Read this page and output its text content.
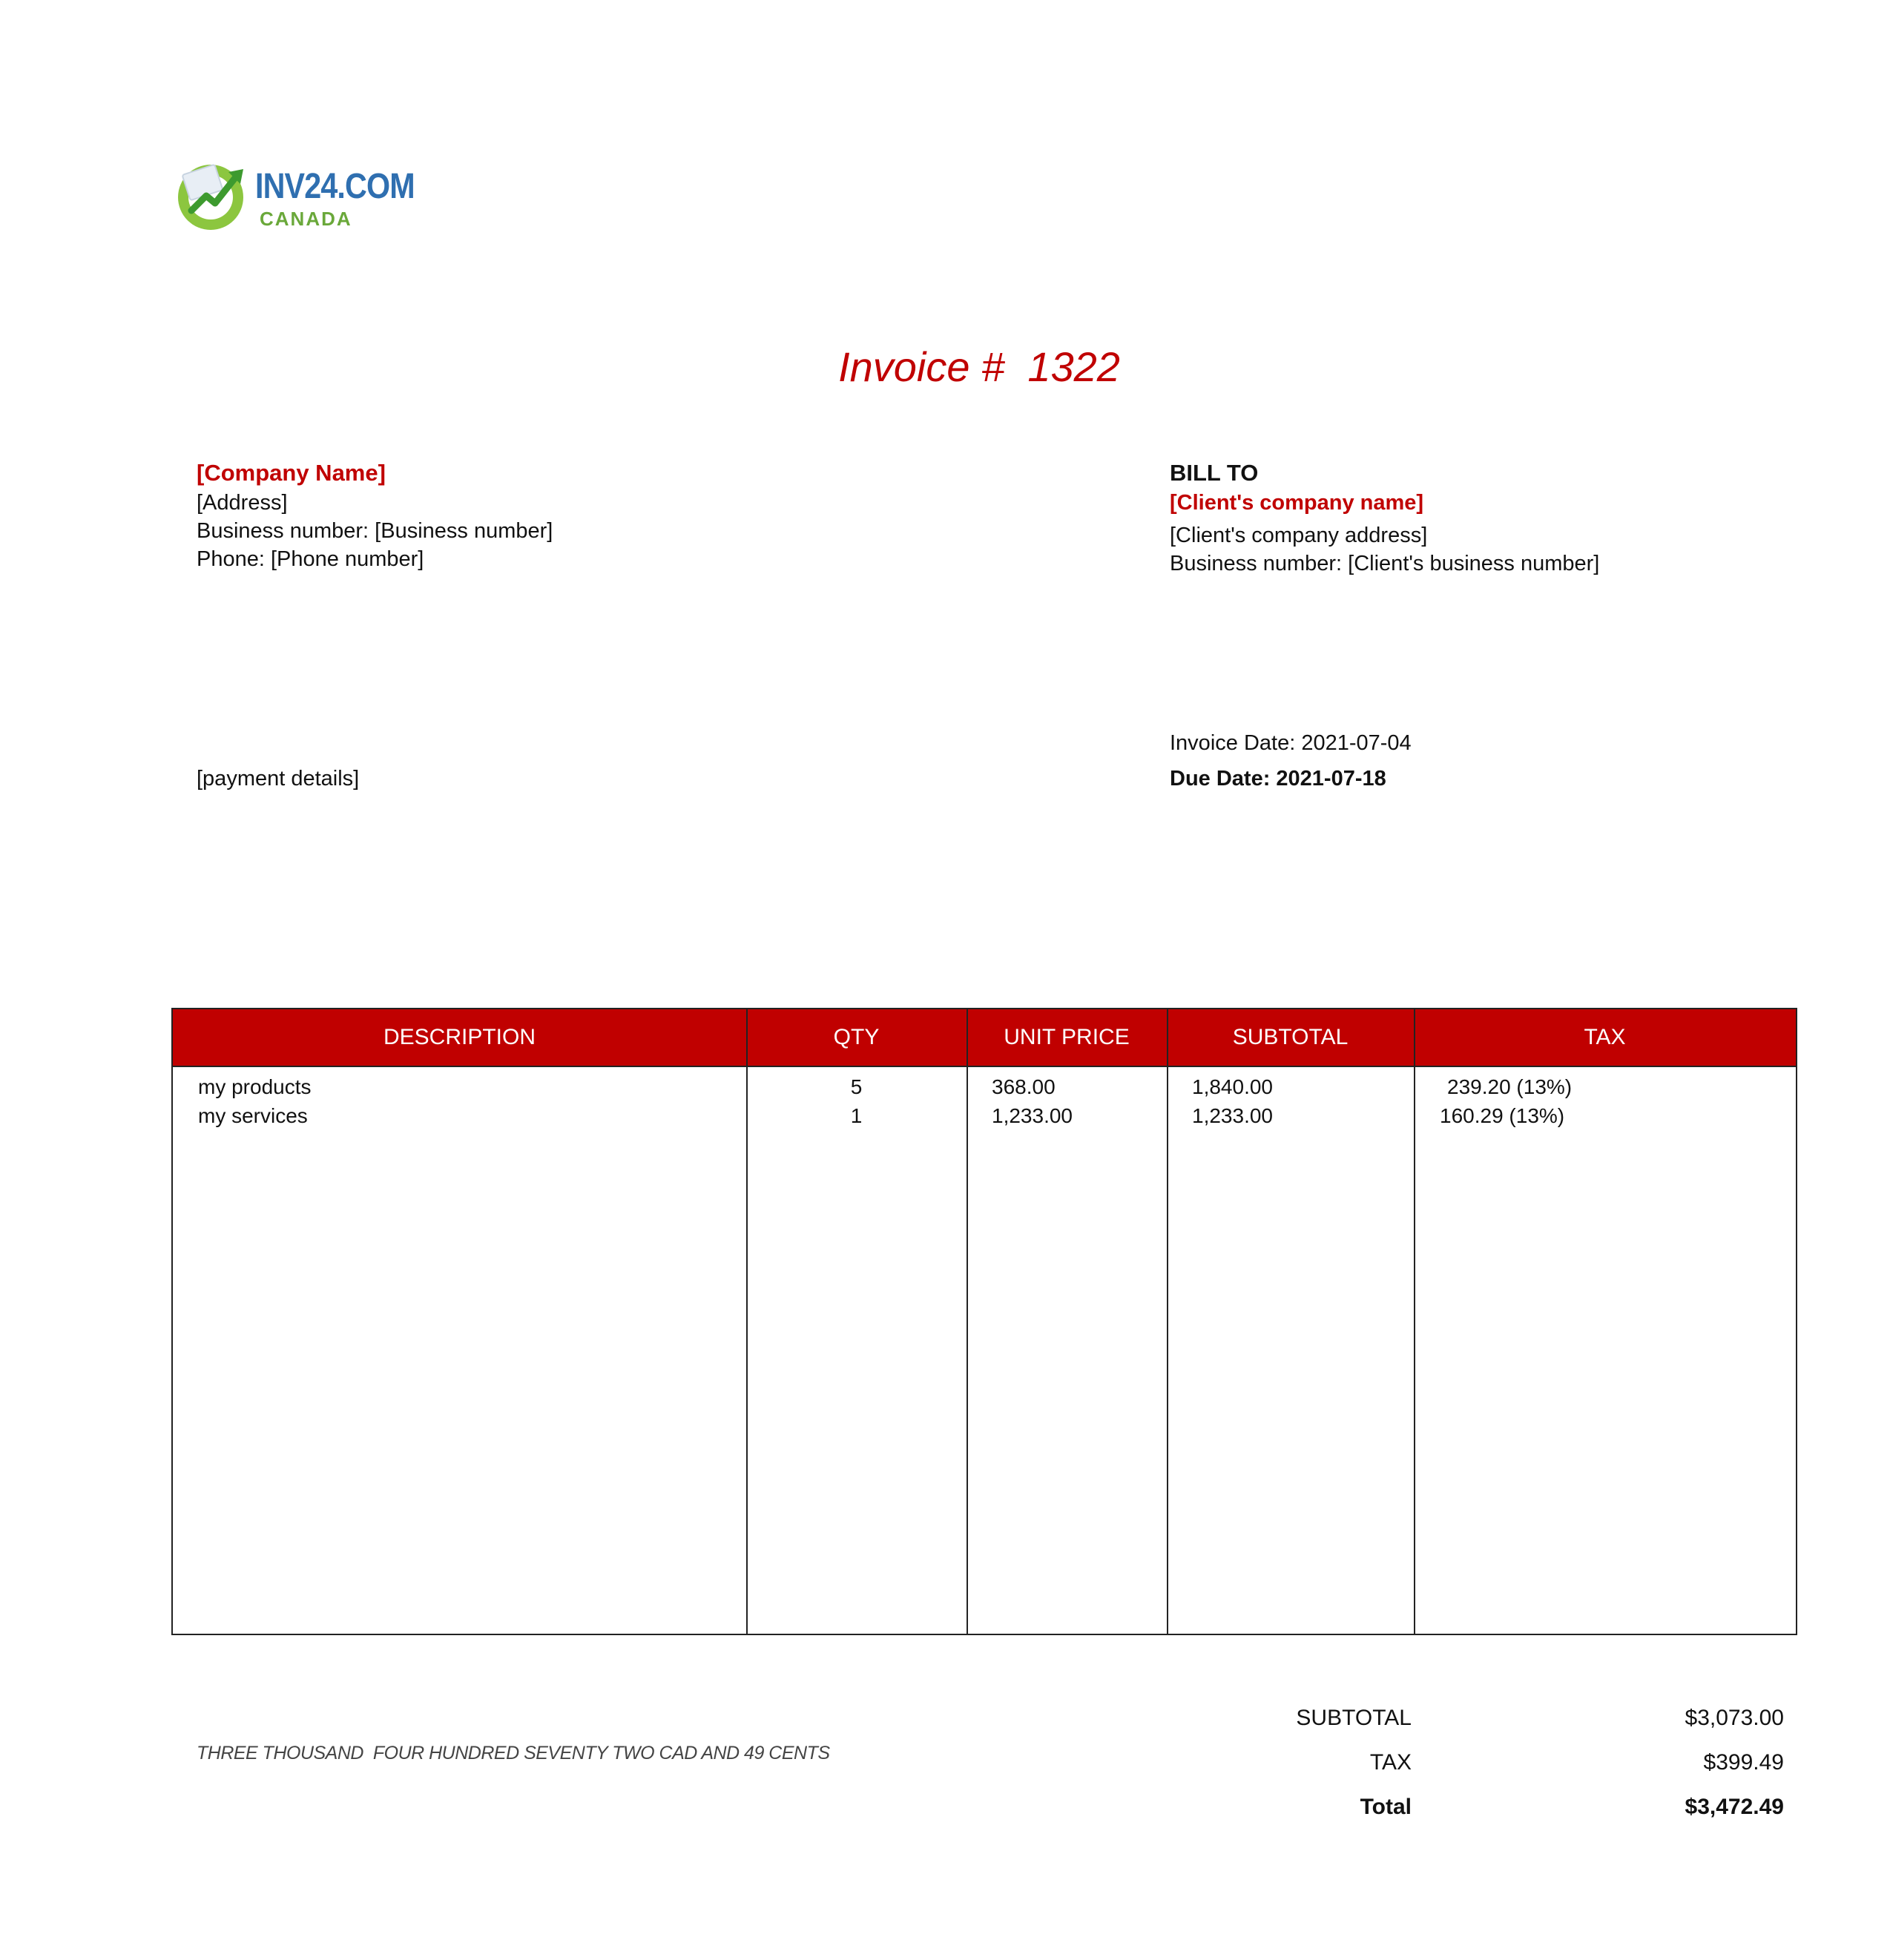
INV24.COM
CANADA
Invoice #  1322
[Company Name]
[Address]
Business number: [Business number]
Phone: [Phone number]
BILL TO
[Client's company name]
[Client's company address]
Business number: [Client's business number]
[payment details]
Invoice Date: 2021-07-04
Due Date: 2021-07-18
DESCRIPTION	QTY	UNIT PRICE	SUBTOTAL	TAX
my products	5	368.00	1,840.00	239.20 (13%)
my services	1	1,233.00	1,233.00	160.29 (13%)
SUBTOTAL	$3,073.00
TAX	$399.49
Total	$3,472.49
THREE THOUSAND  FOUR HUNDRED SEVENTY TWO CAD AND 49 CENTS
